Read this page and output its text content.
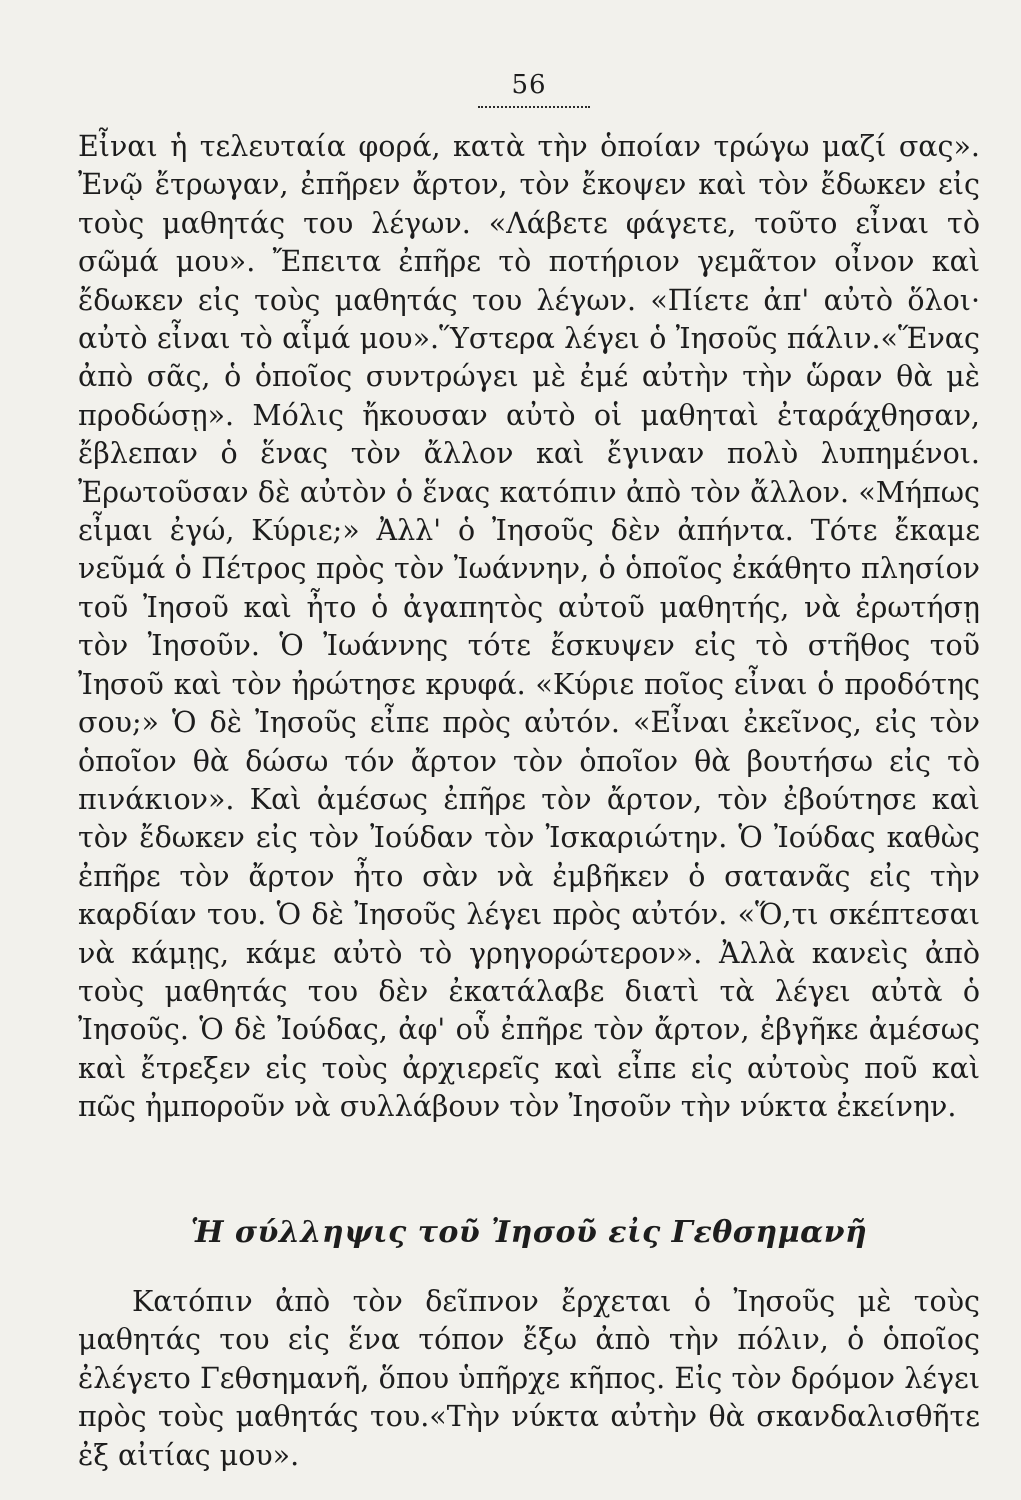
56

Εἶναι ἡ τελευταία φορά, κατὰ τὴν ὁποίαν τρώγω μαζί σας». Ἐνῷ ἔτρωγαν, ἐπῆρεν ἄρτον, τὸν ἔκοψεν καὶ τὸν ἔδωκεν εἰς τοὺς μαθητάς του λέγων. «Λάβετε φάγετε, τοῦτο εἶναι τὸ σῶμά μου». Ἔπειτα ἐπῆρε τὸ ποτήριον γεμᾶτον οἶνον καὶ ἔδωκεν εἰς τοὺς μαθητάς του λέγων. «Πίετε ἀπ' αὐτὸ ὅλοι· αὐτὸ εἶναι τὸ αἷμά μου».Ὕστερα λέγει ὁ Ἰησοῦς πάλιν.«Ἕνας ἀπὸ σᾶς, ὁ ὁποῖος συντρώγει μὲ ἐμέ αὐτὴν τὴν ὥραν θὰ μὲ προδώσῃ». Μόλις ἤκουσαν αὐτὸ οἱ μαθηταὶ ἐταράχθησαν, ἔβλεπαν ὁ ἕνας τὸν ἄλλον καὶ ἔγιναν πολὺ λυπημένοι. Ἐρωτοῦσαν δὲ αὐτὸν ὁ ἕνας κατόπιν ἀπὸ τὸν ἄλλον. «Μήπως εἶμαι ἐγώ, Κύριε;» Ἀλλ' ὁ Ἰησοῦς δὲν ἀπήντα. Τότε ἔκαμε νεῦμά ὁ Πέτρος πρὸς τὸν Ἰωάννην, ὁ ὁποῖος ἐκάθητο πλησίον τοῦ Ἰησοῦ καὶ ἦτο ὁ ἀγαπητὸς αὐτοῦ μαθητής, νὰ ἐρωτήσῃ τὸν Ἰησοῦν. Ὁ Ἰωάννης τότε ἔσκυψεν εἰς τὸ στῆθος τοῦ Ἰησοῦ καὶ τὸν ἠρώτησε κρυφά. «Κύριε ποῖος εἶναι ὁ προδότης σου;» Ὁ δὲ Ἰησοῦς εἶπε πρὸς αὐτόν. «Εἶναι ἐκεῖνος, εἰς τὸν ὁποῖον θὰ δώσω τόν ἄρτον τὸν ὁποῖον θὰ βουτήσω εἰς τὸ πινάκιον». Καὶ ἀμέσως ἐπῆρε τὸν ἄρτον, τὸν ἐβούτησε καὶ τὸν ἔδωκεν εἰς τὸν Ἰούδαν τὸν Ἰσκαριώτην. Ὁ Ἰούδας καθὼς ἐπῆρε τὸν ἄρτον ἦτο σὰν νὰ ἐμβῆκεν ὁ σατανᾶς εἰς τὴν καρδίαν του. Ὁ δὲ Ἰησοῦς λέγει πρὸς αὐτόν. «Ὅ,τι σκέπτεσαι νὰ κάμῃς, κάμε αὐτὸ τὸ γρηγορώτερον». Ἀλλὰ κανεὶς ἀπὸ τοὺς μαθητάς του δὲν ἐκατάλαβε διατὶ τὰ λέγει αὐτὰ ὁ Ἰησοῦς. Ὁ δὲ Ἰούδας, ἀφ' οὗ ἐπῆρε τὸν ἄρτον, ἐβγῆκε ἀμέσως καὶ ἔτρεξεν εἰς τοὺς ἀρχιερεῖς καὶ εἶπε εἰς αὐτοὺς ποῦ καὶ πῶς ἠμποροῦν νὰ συλλάβουν τὸν Ἰησοῦν τὴν νύκτα ἐκείνην.

Ἡ σύλληψις τοῦ Ἰησοῦ εἰς Γεθσημανῆ

Κατόπιν ἀπὸ τὸν δεῖπνον ἔρχεται ὁ Ἰησοῦς μὲ τοὺς μαθητάς του εἰς ἕνα τόπον ἔξω ἀπὸ τὴν πόλιν, ὁ ὁποῖος ἐλέγετο Γεθσημανῆ, ὅπου ὑπῆρχε κῆπος. Εἰς τὸν δρόμον λέγει πρὸς τοὺς μαθητάς του.«Τὴν νύκτα αὐτὴν θὰ σκανδαλισθῆτε ἐξ αἰτίας μου».
